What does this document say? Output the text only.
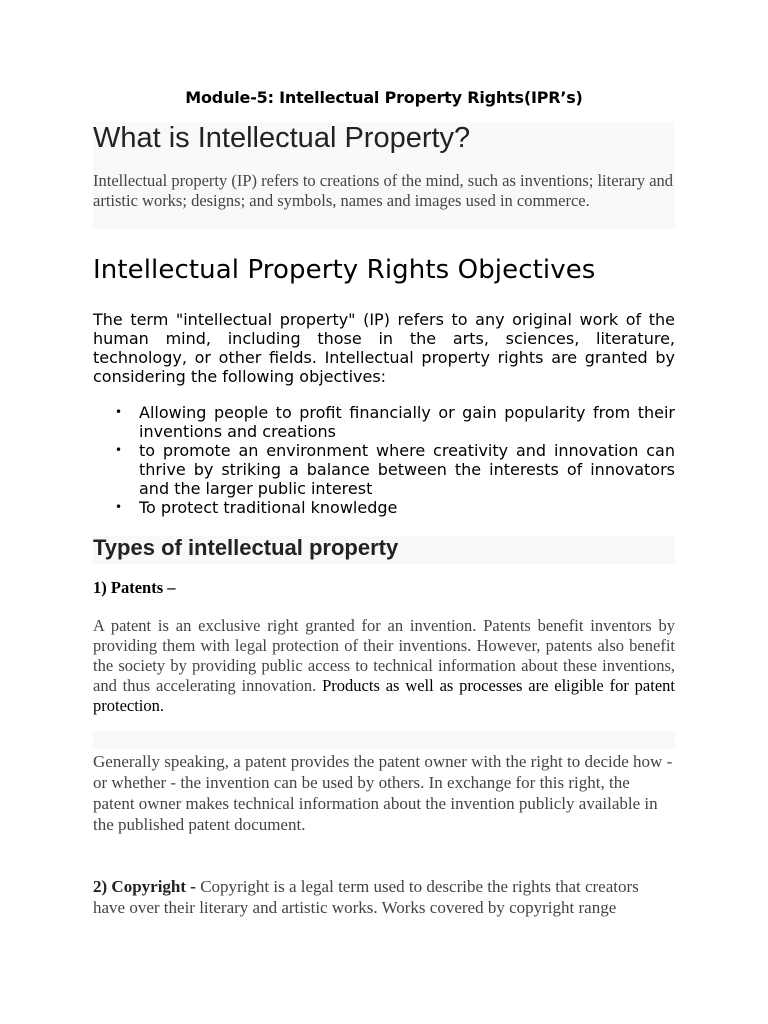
Module-5: Intellectual Property Rights(IPR’s)
What is Intellectual Property?
Intellectual property (IP) refers to creations of the mind, such as inventions; literary and artistic works; designs; and symbols, names and images used in commerce.
Intellectual Property Rights Objectives
The term "intellectual property" (IP) refers to any original work of the human mind, including those in the arts, sciences, literature, technology, or other fields. Intellectual property rights are granted by considering the following objectives:
• Allowing people to profit financially or gain popularity from their inventions and creations
• to promote an environment where creativity and innovation can thrive by striking a balance between the interests of innovators and the larger public interest
• To protect traditional knowledge
Types of intellectual property
1) Patents –
A patent is an exclusive right granted for an invention. Patents benefit inventors by providing them with legal protection of their inventions. However, patents also benefit the society by providing public access to technical information about these inventions, and thus accelerating innovation. Products as well as processes are eligible for patent protection.
Generally speaking, a patent provides the patent owner with the right to decide how - or whether - the invention can be used by others. In exchange for this right, the patent owner makes technical information about the invention publicly available in the published patent document.
2) Copyright - Copyright is a legal term used to describe the rights that creators have over their literary and artistic works. Works covered by copyright range
